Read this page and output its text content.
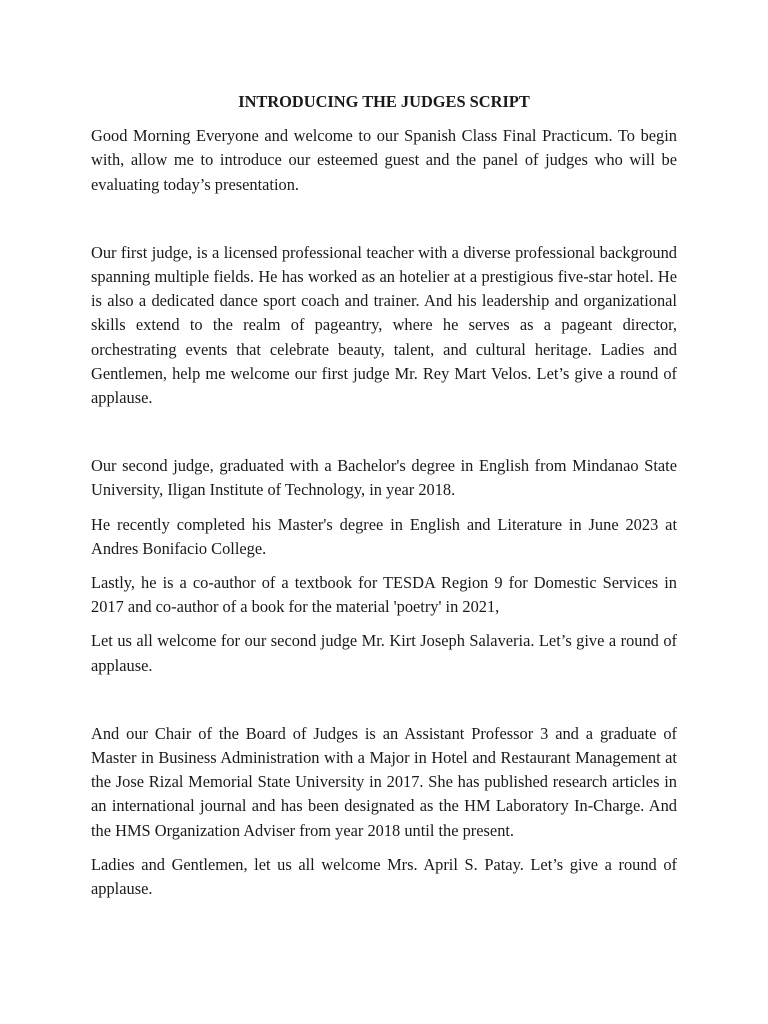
INTRODUCING THE JUDGES SCRIPT

Good Morning Everyone and welcome to our Spanish Class Final Practicum. To begin with, allow me to introduce our esteemed guest and the panel of judges who will be evaluating today’s presentation.

Our first judge, is a licensed professional teacher with a diverse professional background spanning multiple fields. He has worked as an hotelier at a prestigious five-star hotel. He is also a dedicated dance sport coach and trainer. And his leadership and organizational skills extend to the realm of pageantry, where he serves as a pageant director, orchestrating events that celebrate beauty, talent, and cultural heritage. Ladies and Gentlemen, help me welcome our first judge Mr. Rey Mart Velos. Let’s give a round of applause.

Our second judge, graduated with a Bachelor's degree in English from Mindanao State University, Iligan Institute of Technology, in year 2018.

He recently completed his Master's degree in English and Literature in June 2023 at Andres Bonifacio College.

Lastly, he is a co-author of a textbook for TESDA Region 9 for Domestic Services in 2017 and co-author of a book for the material 'poetry' in 2021,

Let us all welcome for our second judge Mr. Kirt Joseph Salaveria. Let’s give a round of applause.

And our Chair of the Board of Judges is an Assistant Professor 3 and a graduate of Master in Business Administration with a Major in Hotel and Restaurant Management at the Jose Rizal Memorial State University in 2017. She has published research articles in an international journal and has been designated as the HM Laboratory In-Charge. And the HMS Organization Adviser from year 2018 until the present.

Ladies and Gentlemen, let us all welcome Mrs. April S. Patay. Let’s give a round of applause.
